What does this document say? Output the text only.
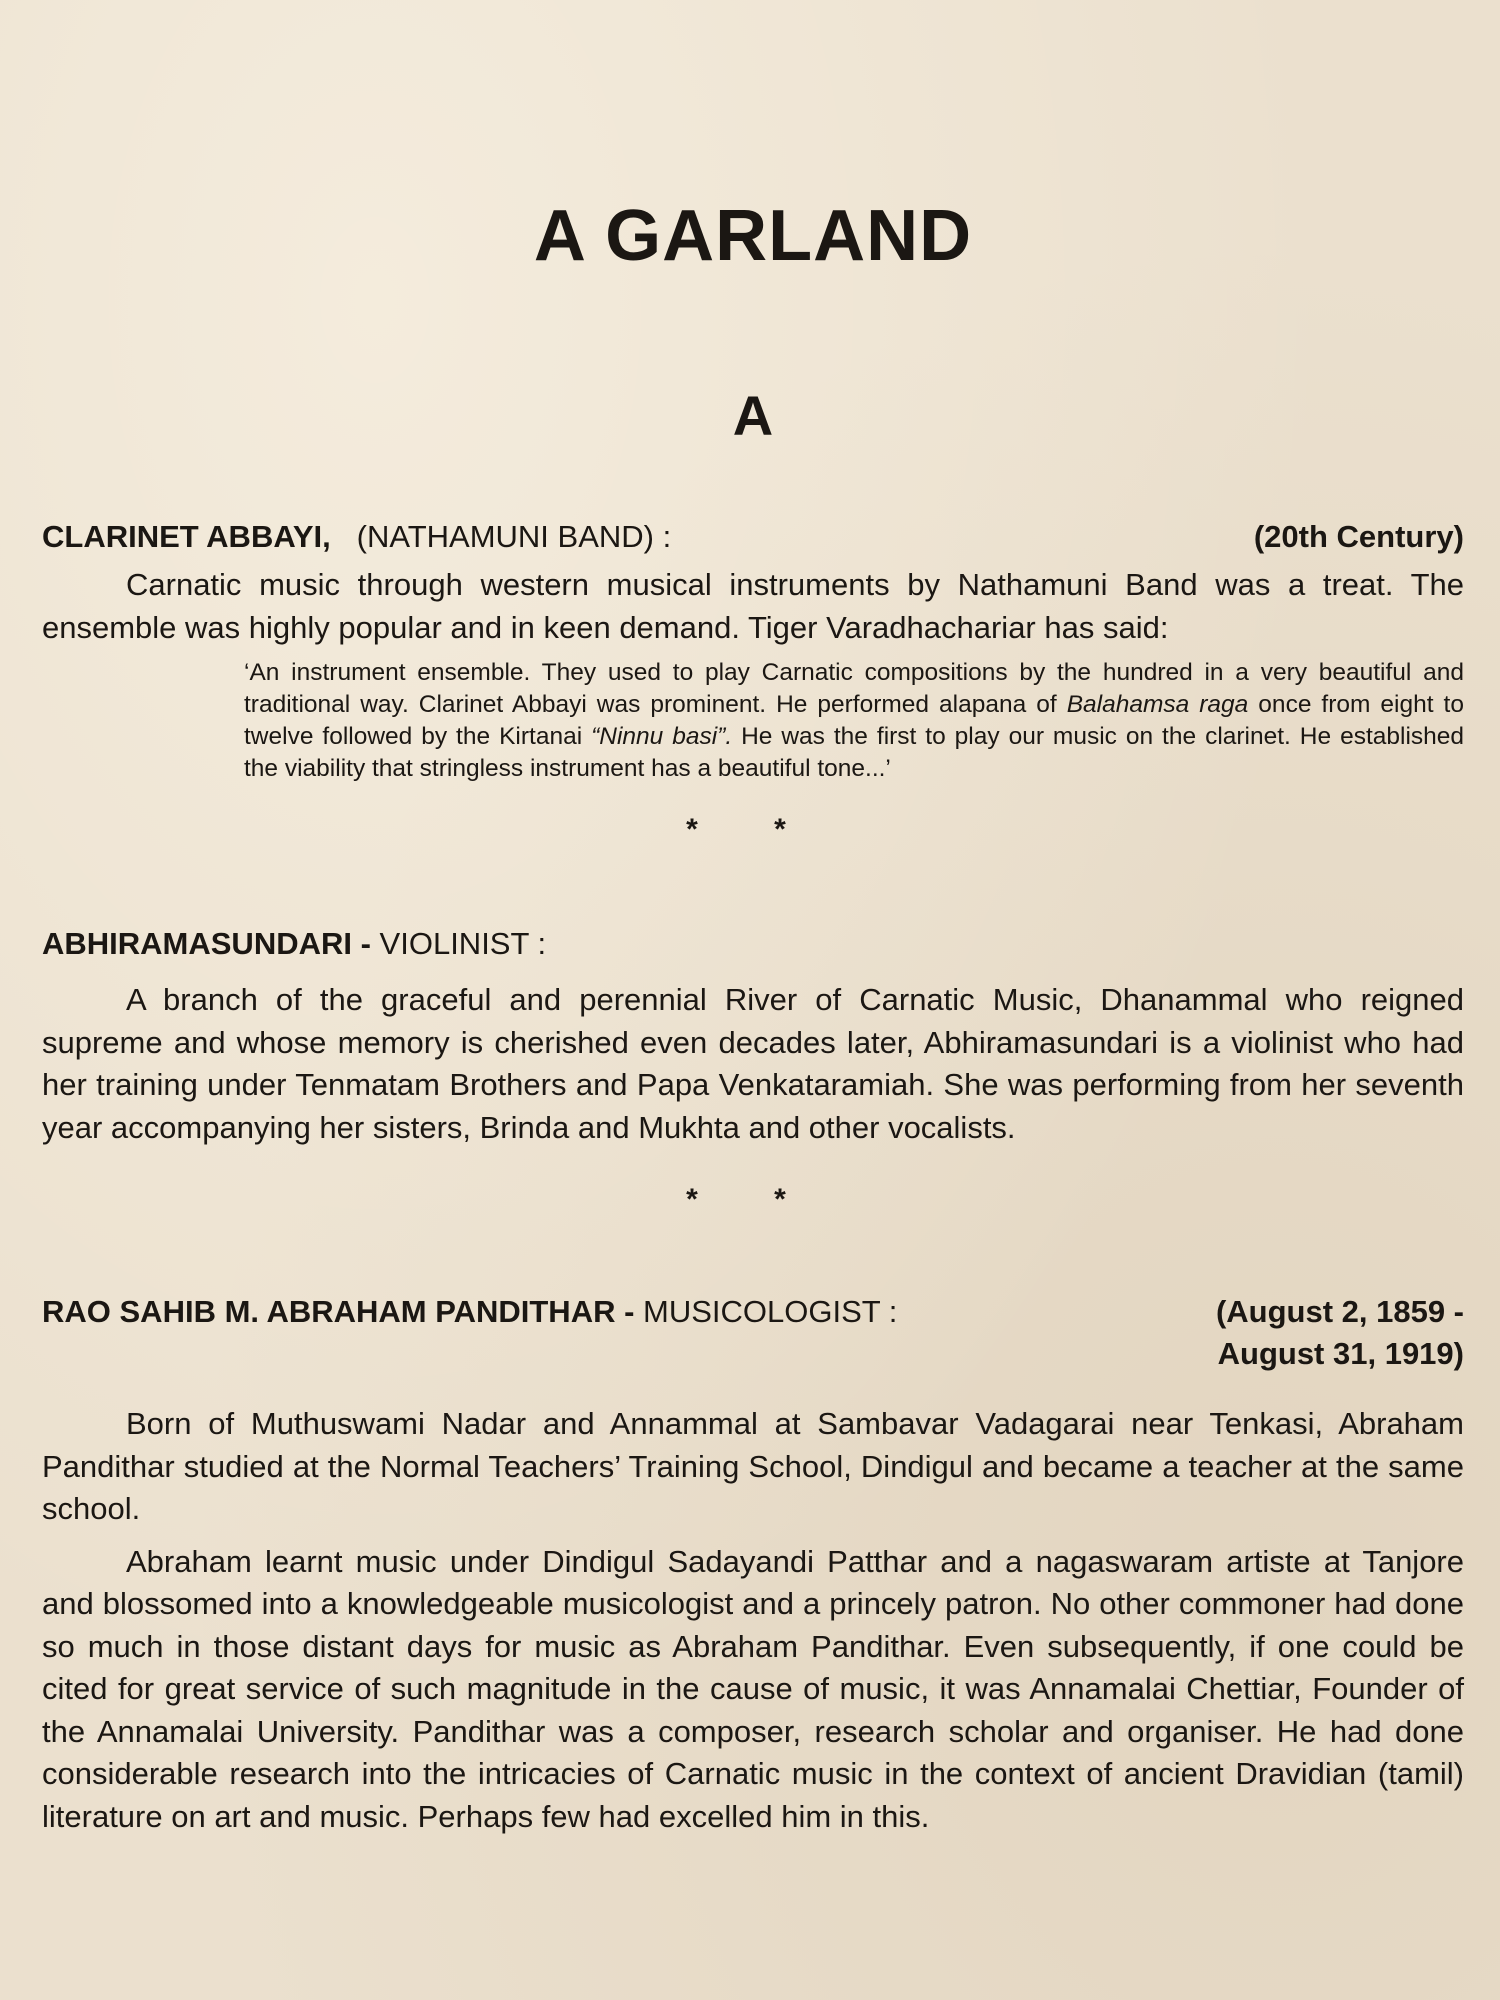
A GARLAND
A
CLARINET ABBAYI, (NATHAMUNI BAND) :	(20th Century)

Carnatic music through western musical instruments by Nathamuni Band was a treat. The ensemble was highly popular and in keen demand. Tiger Varadhachariar has said:

‘An instrument ensemble. They used to play Carnatic compositions by the hundred in a very beautiful and traditional way. Clarinet Abbayi was prominent. He performed alapana of Balahamsa raga once from eight to twelve followed by the Kirtanai “Ninnu basi”. He was the first to play our music on the clarinet. He established the viability that stringless instrument has a beautiful tone...’

* *
ABHIRAMASUNDARI - VIOLINIST :

A branch of the graceful and perennial River of Carnatic Music, Dhanammal who reigned supreme and whose memory is cherished even decades later, Abhiramasundari is a violinist who had her training under Tenmatam Brothers and Papa Venkataramiah. She was performing from her seventh year accompanying her sisters, Brinda and Mukhta and other vocalists.

* *
RAO SAHIB M. ABRAHAM PANDITHAR - MUSICOLOGIST :	(August 2, 1859 -
August 31, 1919)

Born of Muthuswami Nadar and Annammal at Sambavar Vadagarai near Tenkasi, Abraham Pandithar studied at the Normal Teachers’ Training School, Dindigul and became a teacher at the same school.

Abraham learnt music under Dindigul Sadayandi Patthar and a nagaswaram artiste at Tanjore and blossomed into a knowledgeable musicologist and a princely patron. No other commoner had done so much in those distant days for music as Abraham Pandithar. Even subsequently, if one could be cited for great service of such magnitude in the cause of music, it was Annamalai Chettiar, Founder of the Annamalai University. Pandithar was a composer, research scholar and organiser. He had done considerable research into the intricacies of Carnatic music in the context of ancient Dravidian (tamil) literature on art and music. Perhaps few had excelled him in this.
